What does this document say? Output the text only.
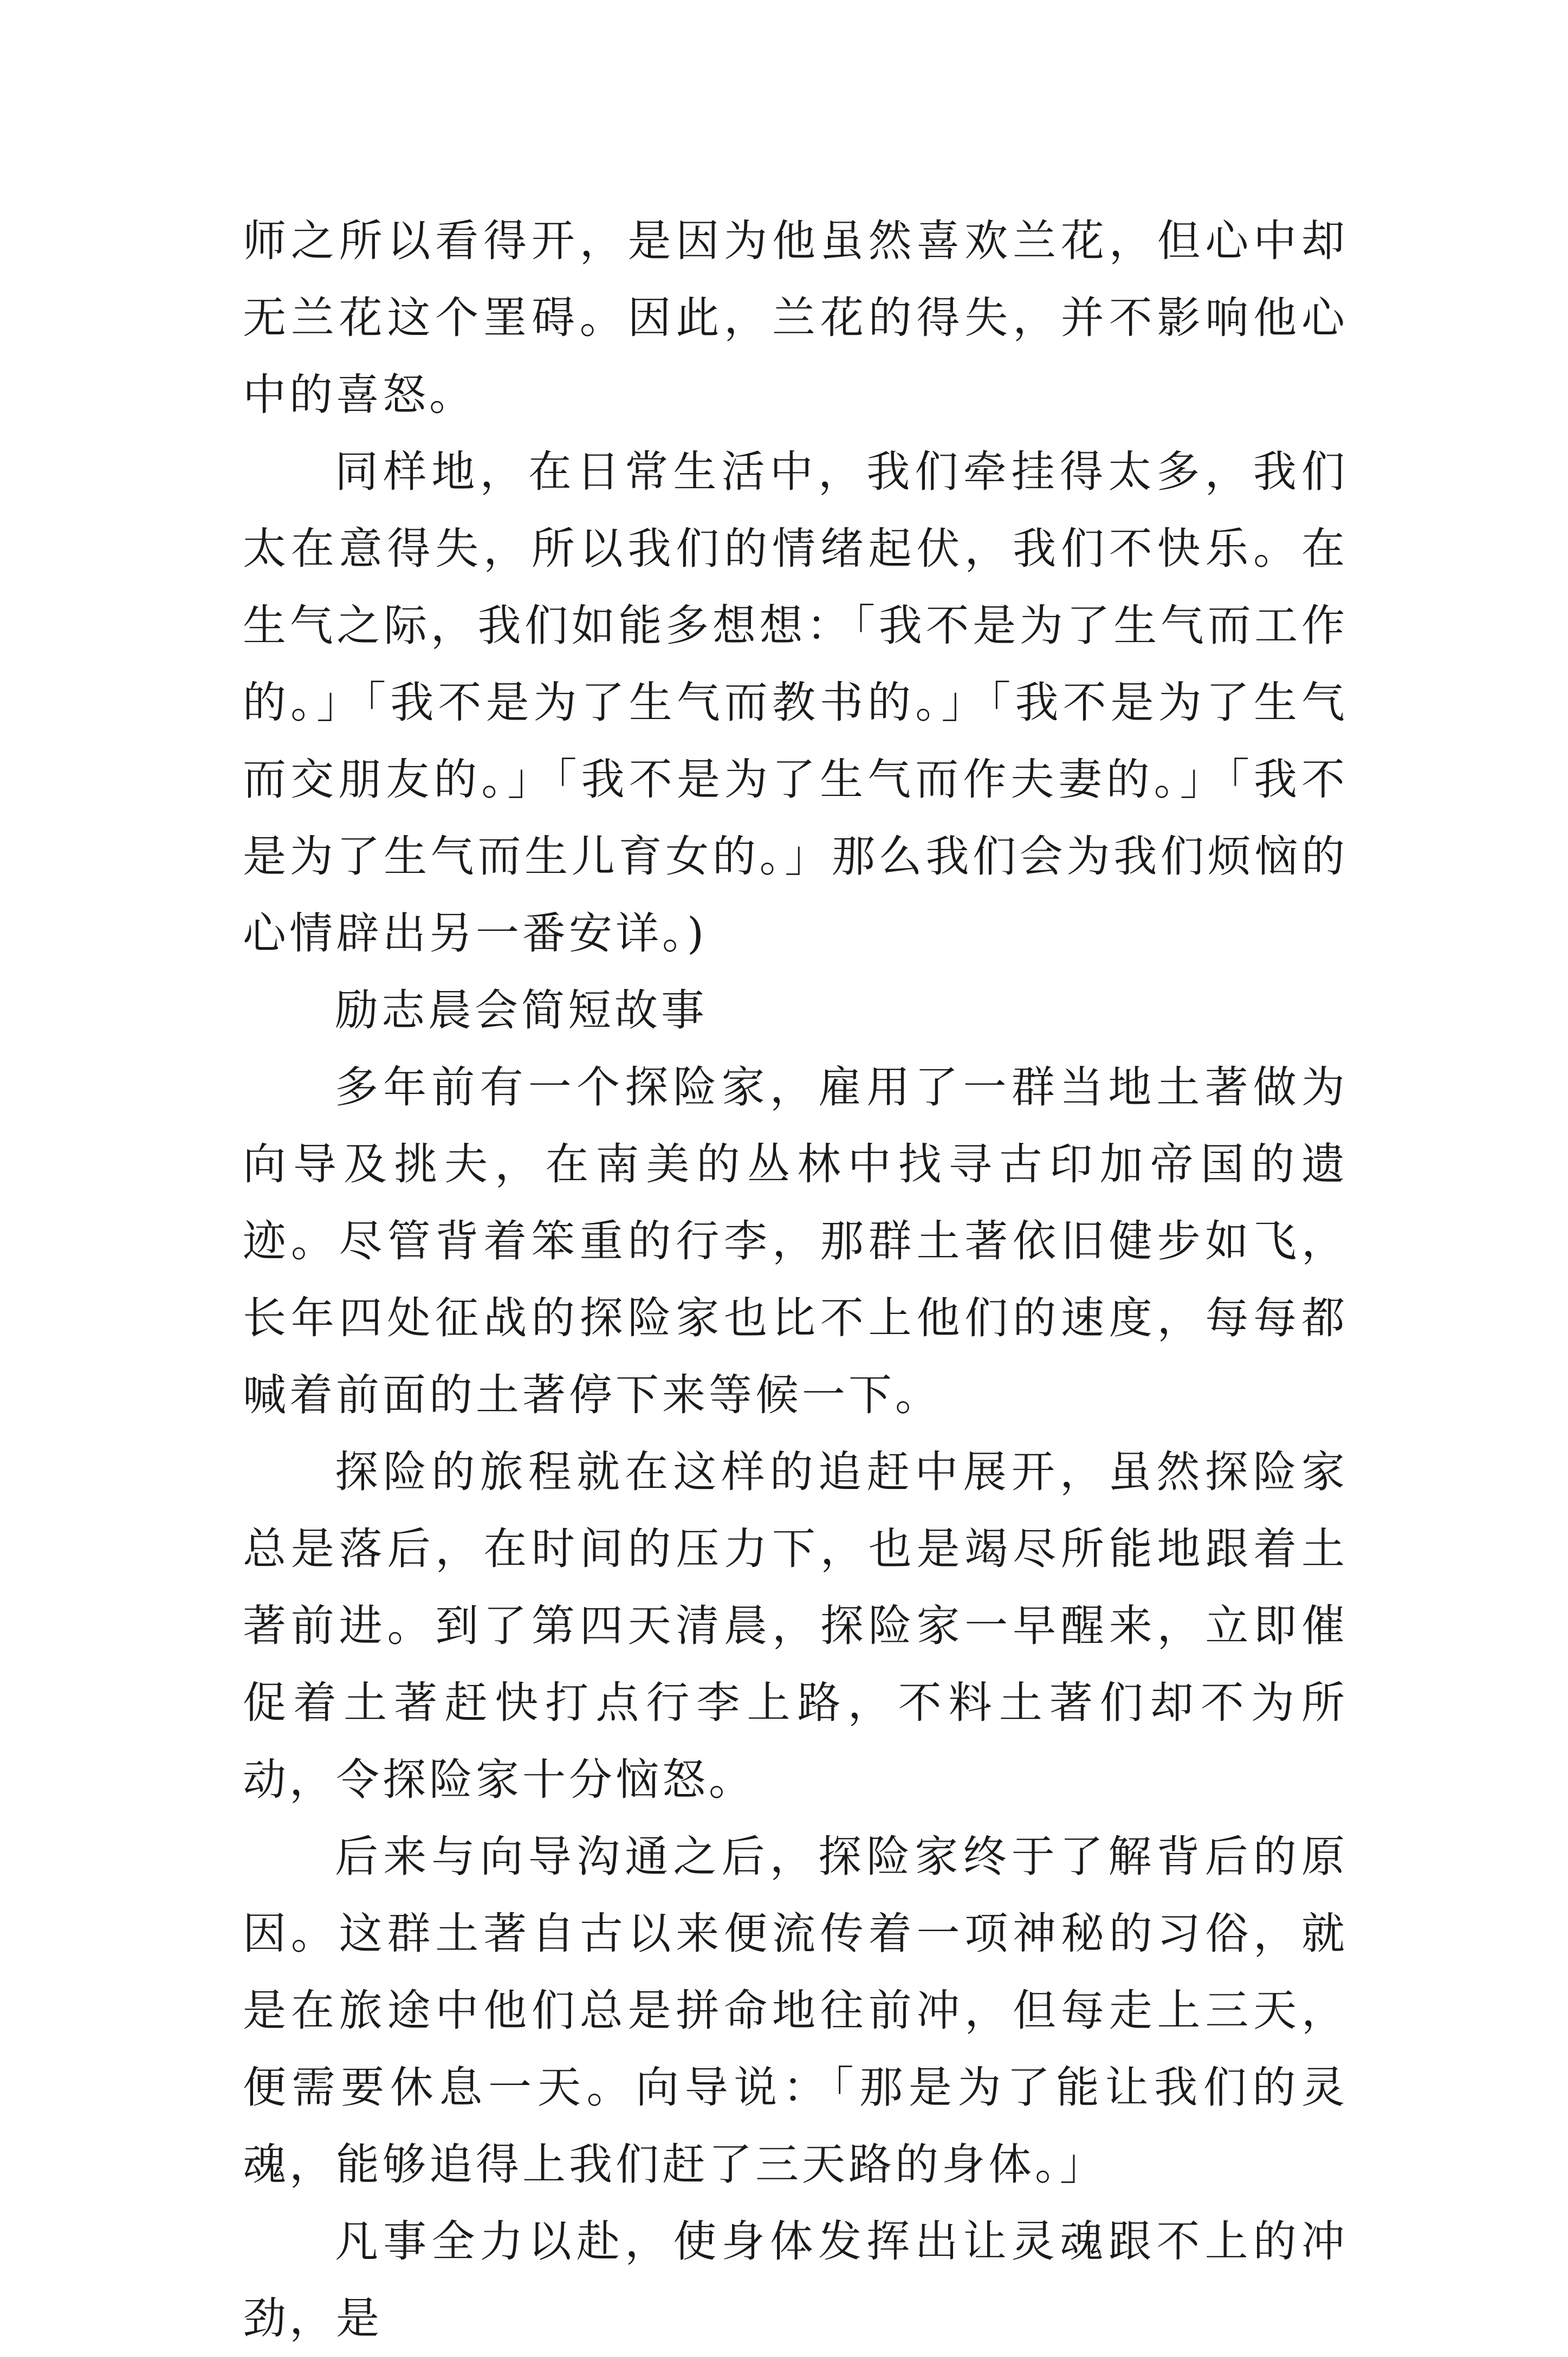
师之所以看得开，是因为他虽然喜欢兰花，但心中却无兰花这个罣碍。因此，兰花的得失，并不影响他心中的喜怒。

同样地，在日常生活中，我们牵挂得太多，我们太在意得失，所以我们的情绪起伏，我们不快乐。在生气之际，我们如能多想想：「我不是为了生气而工作的。」「我不是为了生气而教书的。」「我不是为了生气而交朋友的。」「我不是为了生气而作夫妻的。」「我不是为了生气而生儿育女的。」那么我们会为我们烦恼的心情辟出另一番安详。)

励志晨会简短故事

多年前有一个探险家，雇用了一群当地土著做为向导及挑夫，在南美的丛林中找寻古印加帝国的遗迹。尽管背着笨重的行李，那群土著依旧健步如飞，长年四处征战的探险家也比不上他们的速度，每每都喊着前面的土著停下来等候一下。

探险的旅程就在这样的追赶中展开，虽然探险家总是落后，在时间的压力下，也是竭尽所能地跟着土著前进。到了第四天清晨，探险家一早醒来，立即催促着土著赶快打点行李上路，不料土著们却不为所动，令探险家十分恼怒。

后来与向导沟通之后，探险家终于了解背后的原因。这群土著自古以来便流传着一项神秘的习俗，就是在旅途中他们总是拼命地往前冲，但每走上三天，便需要休息一天。向导说：「那是为了能让我们的灵魂，能够追得上我们赶了三天路的身体。」

凡事全力以赴，使身体发挥出让灵魂跟不上的冲劲，是
